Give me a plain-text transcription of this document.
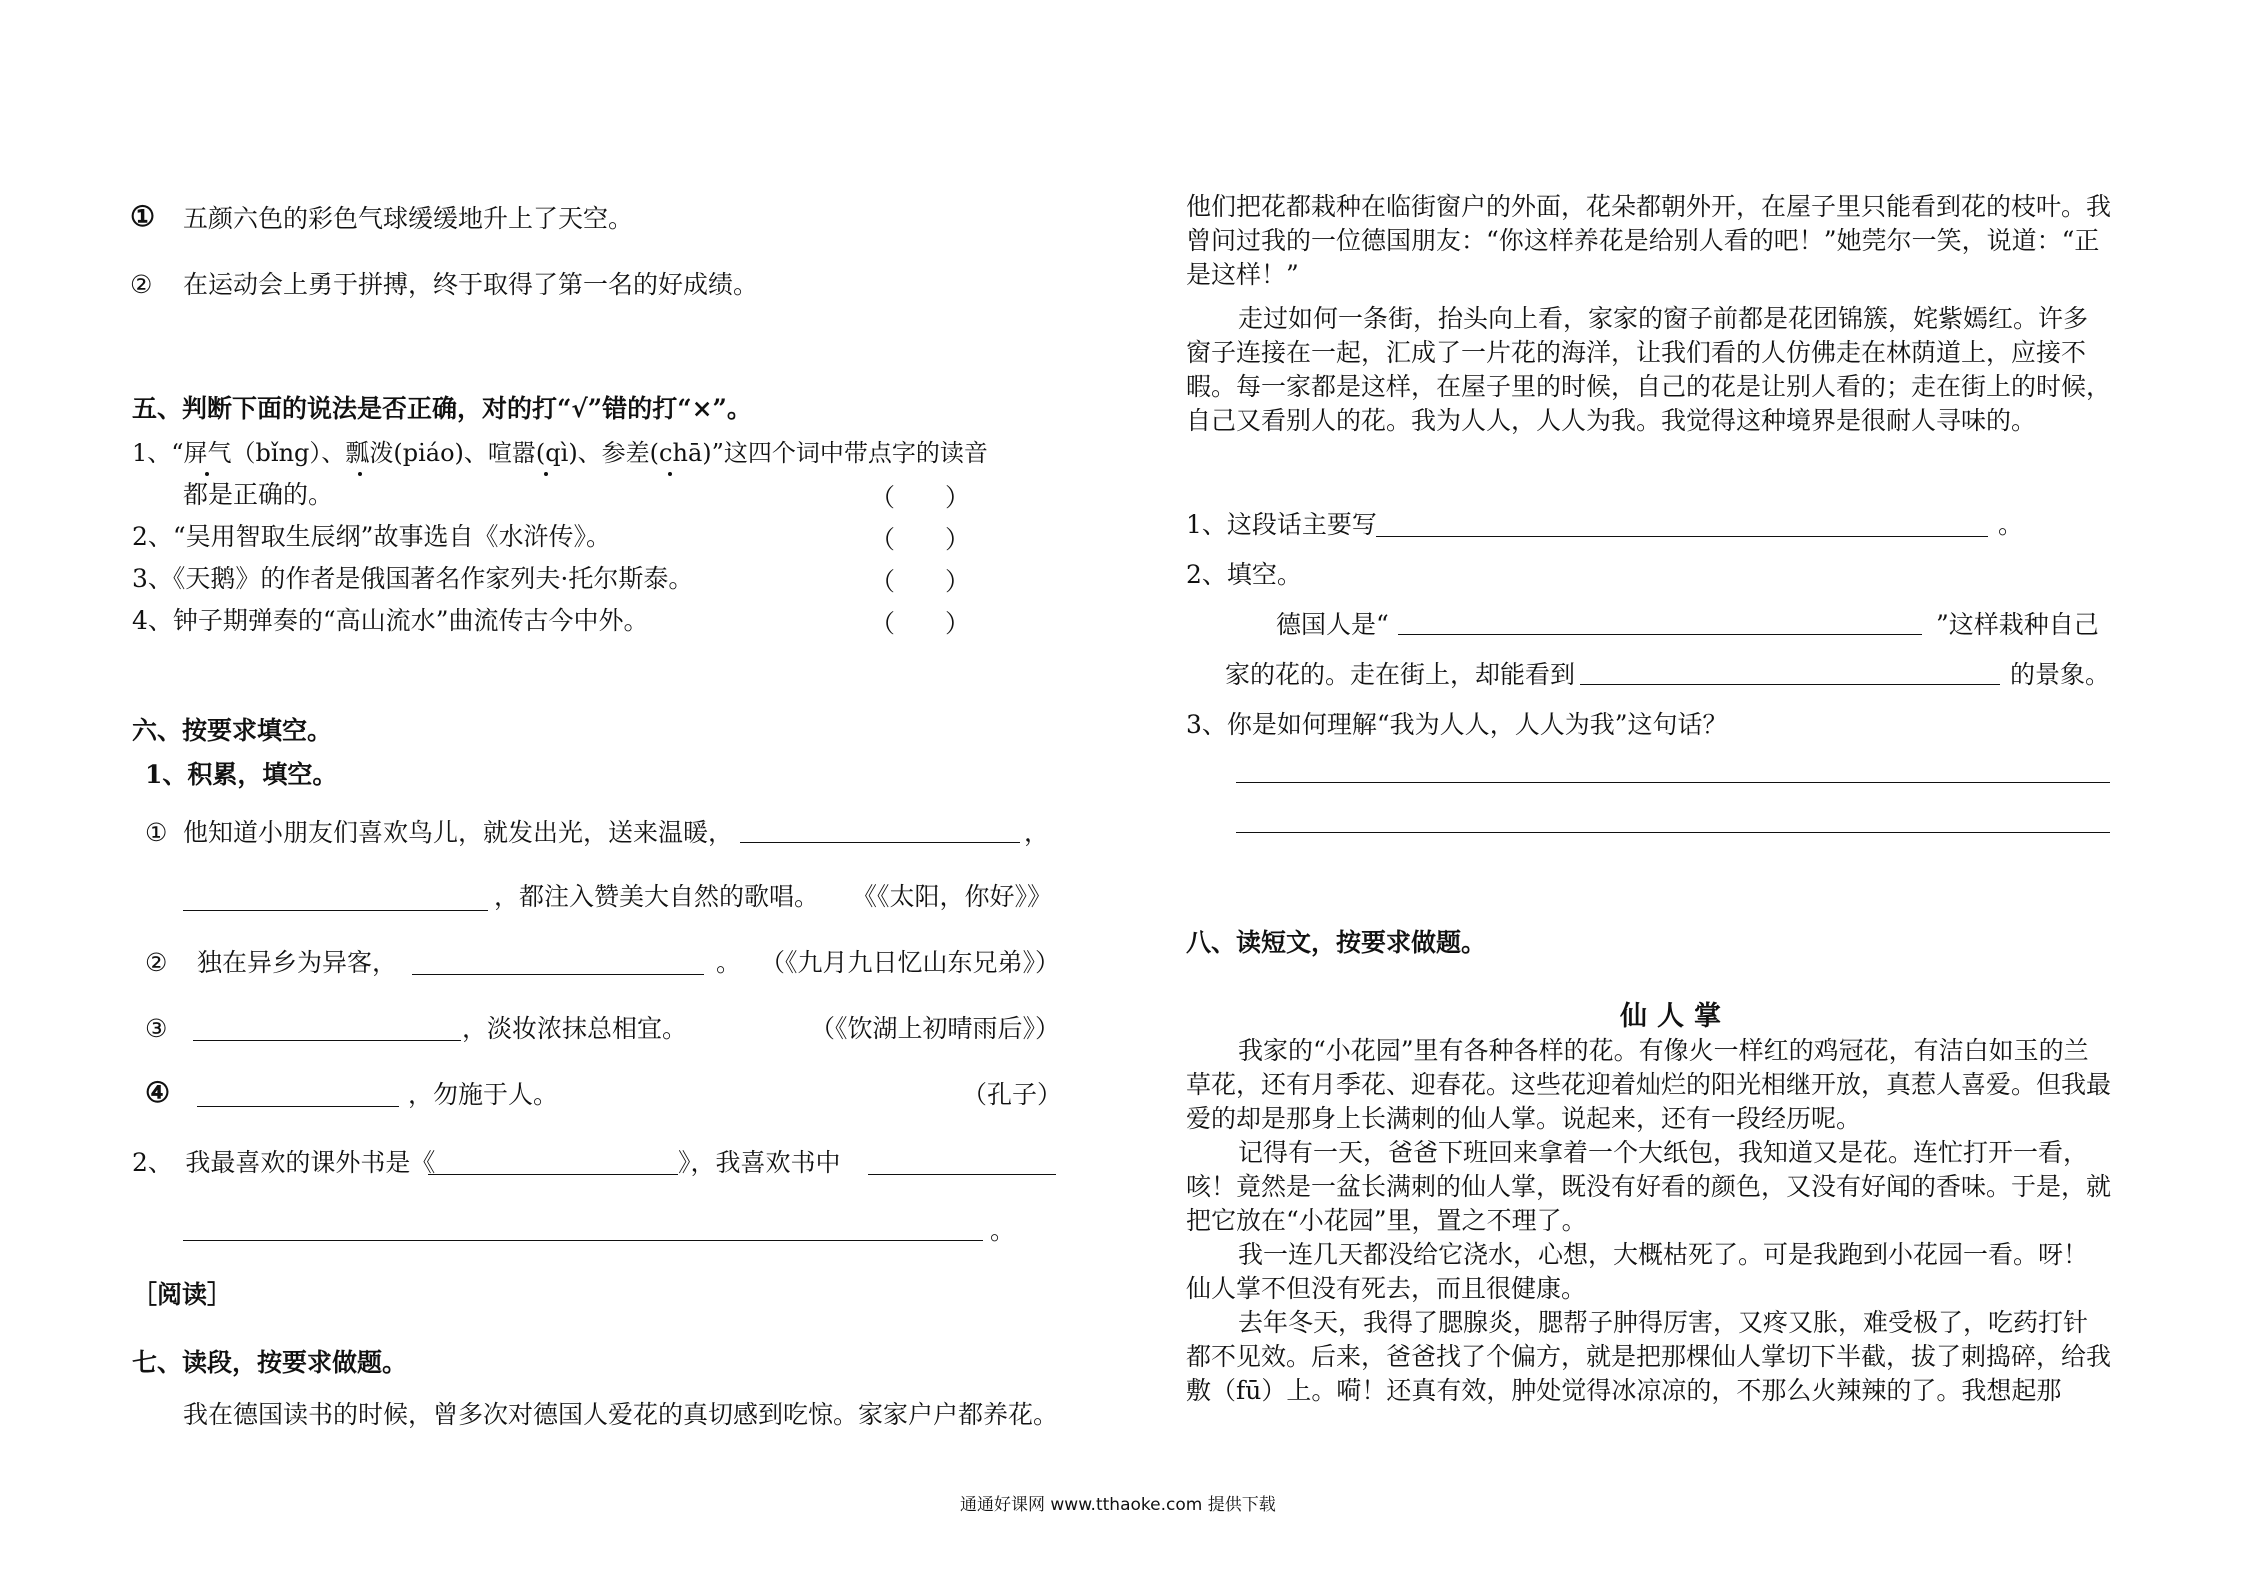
① 五颜六色的彩色气球缓缓地升上了天空。
② 在运动会上勇于拼搏，终于取得了第一名的好成绩。
五、判断下面的说法是否正确，对的打“√”错的打“×”。
1、“屏气（bǐng）、瓢泼(piáo)、喧嚣(qì)、参差(chā)”这四个词中带点字的读音
都是正确的。	（　　）
2、“吴用智取生辰纲”故事选自《水浒传》。	（　　）
3、《天鹅》的作者是俄国著名作家列夫·托尔斯泰。	（　　）
4、钟子期弹奏的“高山流水”曲流传古今中外。	（　　）
六、按要求填空。
1、积累，填空。
① 他知道小朋友们喜欢鸟儿，就发出光，送来温暖，	，
，都注入赞美大自然的歌唱。 《《太阳，你好》》
② 独在异乡为异客，	。 （《九月九日忆山东兄弟》）
③	，淡妆浓抹总相宜。	（《饮湖上初晴雨后》）
④	，勿施于人。	（孔子）
2、　我最喜欢的课外书是《	》，我喜欢书中
。
［阅读］
七、读段，按要求做题。
我在德国读书的时候，曾多次对德国人爱花的真切感到吃惊。家家户户都养花。
他们把花都栽种在临街窗户的外面，花朵都朝外开，在屋子里只能看到花的枝叶。我曾问过我的一位德国朋友：“你这样养花是给别人看的吧！”她莞尔一笑，说道：“正是这样！”
走过如何一条街，抬头向上看，家家的窗子前都是花团锦簇，姹紫嫣红。许多窗子连接在一起，汇成了一片花的海洋，让我们看的人仿佛走在林荫道上，应接不暇。每一家都是这样，在屋子里的时候，自己的花是让别人看的；走在街上的时候，自己又看别人的花。我为人人，人人为我。我觉得这种境界是很耐人寻味的。
1、这段话主要写	。
2、填空。
德国人是“	”这样栽种自己
家的花的。走在街上，却能看到	的景象。
3、你是如何理解“我为人人，人人为我”这句话？
八、读短文，按要求做题。
仙人掌
我家的“小花园”里有各种各样的花。有像火一样红的鸡冠花，有洁白如玉的兰草花，还有月季花、迎春花。这些花迎着灿烂的阳光相继开放，真惹人喜爱。但我最爱的却是那身上长满刺的仙人掌。说起来，还有一段经历呢。
记得有一天，爸爸下班回来拿着一个大纸包，我知道又是花。连忙打开一看，咳！竟然是一盆长满刺的仙人掌，既没有好看的颜色，又没有好闻的香味。于是，就把它放在“小花园”里，置之不理了。
我一连几天都没给它浇水，心想，大概枯死了。可是我跑到小花园一看。呀！仙人掌不但没有死去，而且很健康。
去年冬天，我得了腮腺炎，腮帮子肿得厉害，又疼又胀，难受极了，吃药打针都不见效。后来，爸爸找了个偏方，就是把那棵仙人掌切下半截，拔了刺捣碎，给我敷（fū）上。嗬！还真有效，肿处觉得冰凉凉的，不那么火辣辣的了。我想起那
通通好课网 www.tthaoke.com 提供下载
